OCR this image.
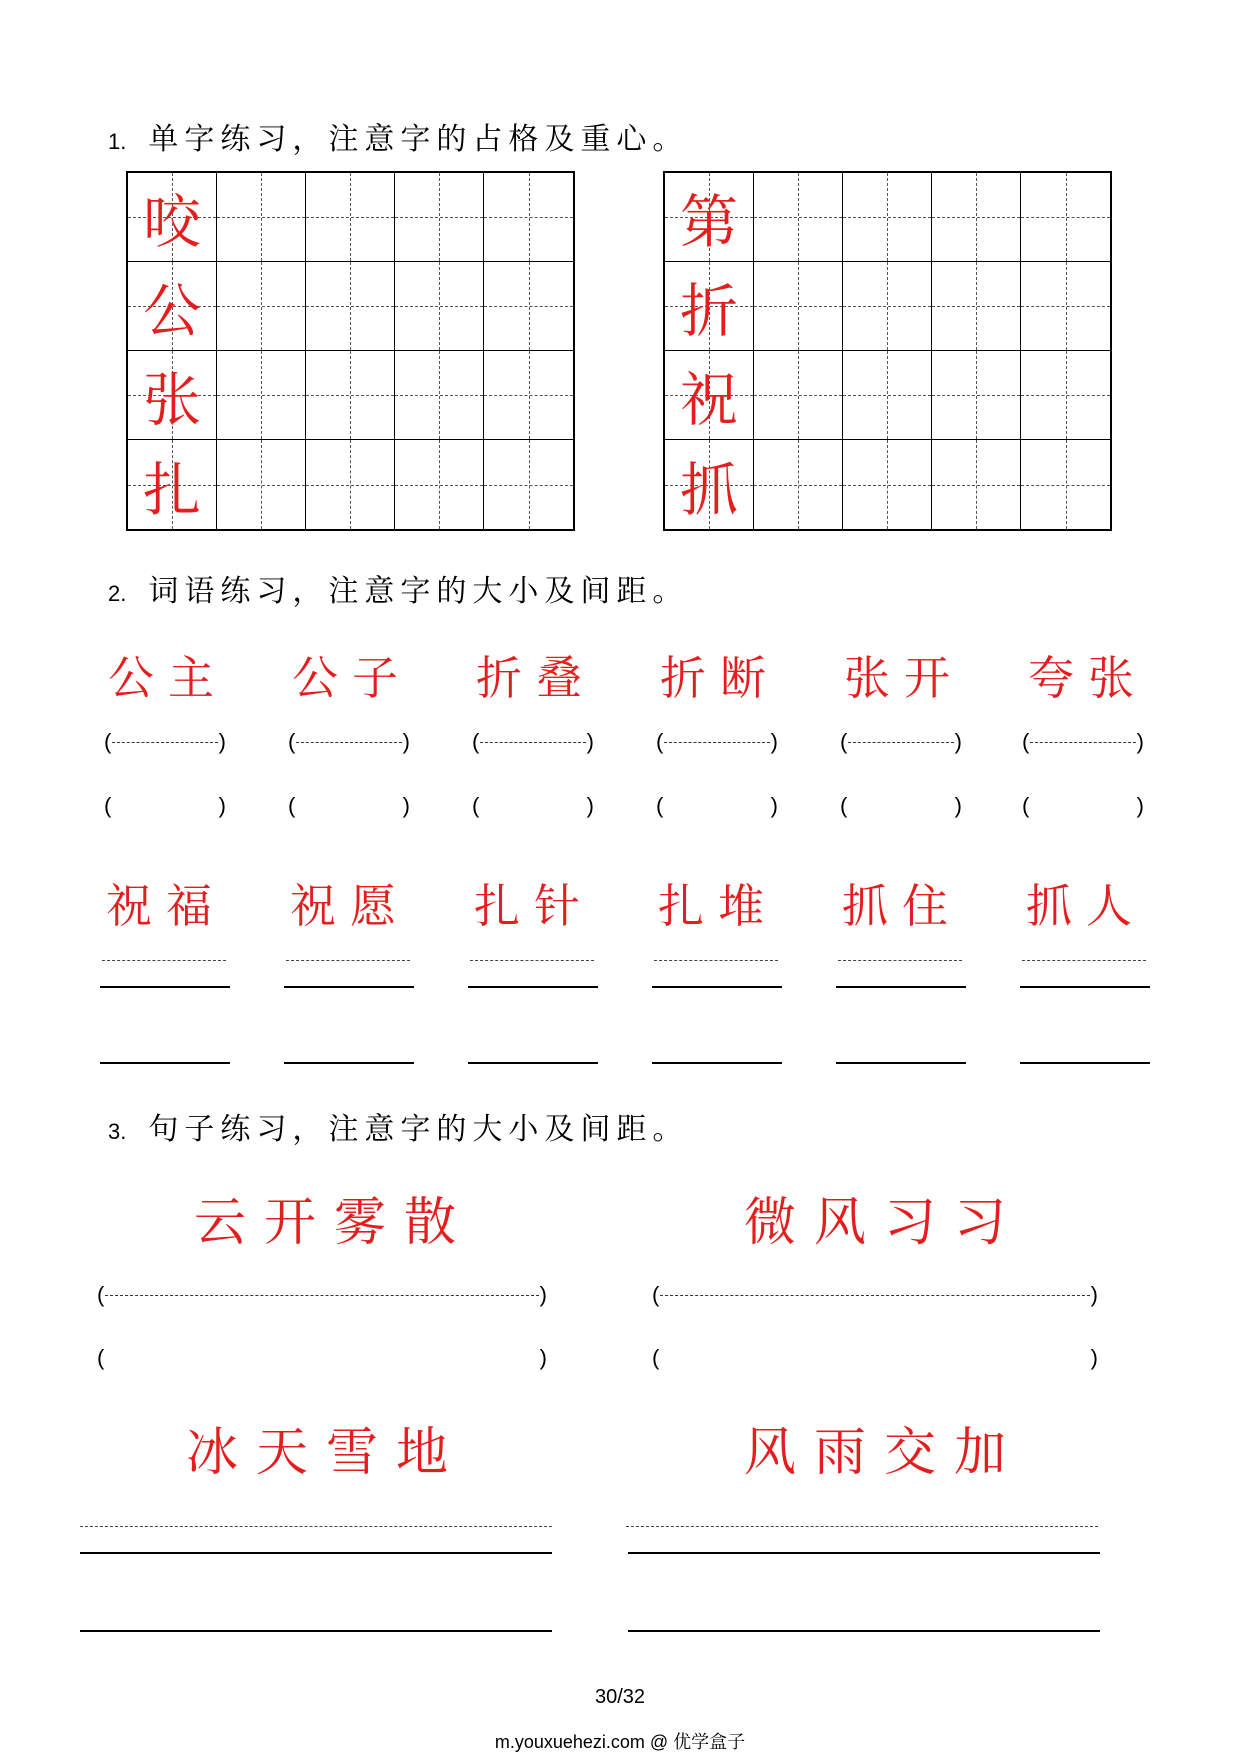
1. 单字练习，注意字的占格及重心。
咬
公
张
扎
第
折
祝
抓
2. 词语练习，注意字的大小及间距。
公主 公子 折叠 折断 张开 夸张
(	)	(	)	(	)	(	)	(	)	(	)
(	)	(	)	(	)	(	)	(	)	(	)
祝福 祝愿 扎针 扎堆 抓住 抓人
3. 句子练习，注意字的大小及间距。
云开雾散	微风习习
(	)	(	)
(	)	(	)
冰天雪地	风雨交加
30/32
m.youxuehezi.com @ 优学盒子
